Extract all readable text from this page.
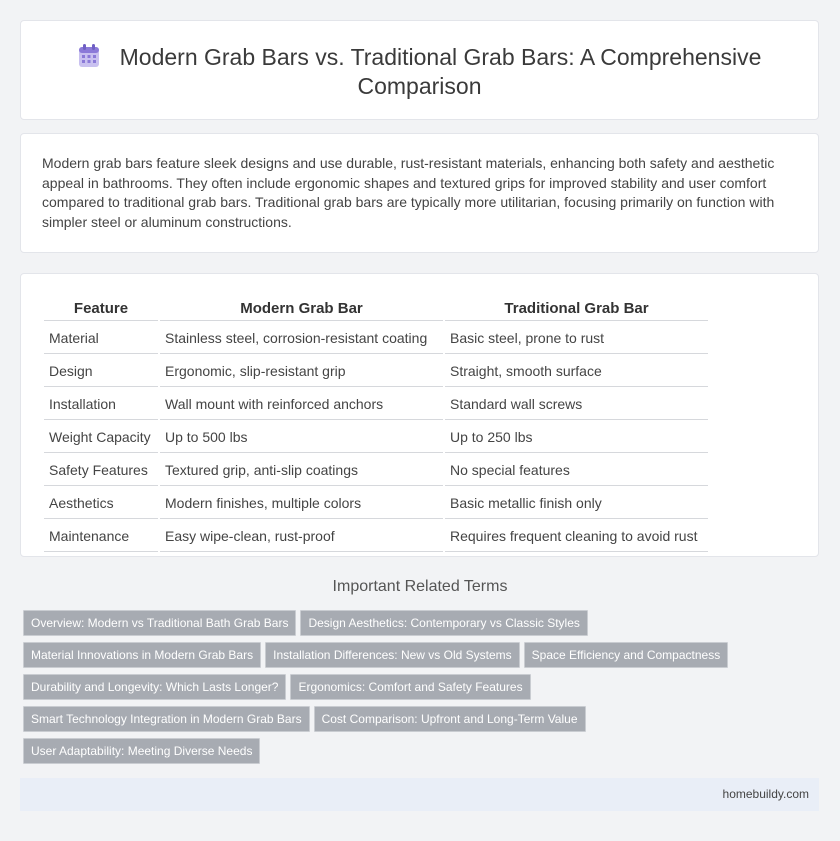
Modern Grab Bars vs. Traditional Grab Bars: A Comprehensive Comparison
Modern grab bars feature sleek designs and use durable, rust-resistant materials, enhancing both safety and aesthetic appeal in bathrooms. They often include ergonomic shapes and textured grips for improved stability and user comfort compared to traditional grab bars. Traditional grab bars are typically more utilitarian, focusing primarily on function with simpler steel or aluminum constructions.
Feature	Modern Grab Bar	Traditional Grab Bar
Material	Stainless steel, corrosion-resistant coating	Basic steel, prone to rust
Design	Ergonomic, slip-resistant grip	Straight, smooth surface
Installation	Wall mount with reinforced anchors	Standard wall screws
Weight Capacity	Up to 500 lbs	Up to 250 lbs
Safety Features	Textured grip, anti-slip coatings	No special features
Aesthetics	Modern finishes, multiple colors	Basic metallic finish only
Maintenance	Easy wipe-clean, rust-proof	Requires frequent cleaning to avoid rust
Important Related Terms
Overview: Modern vs Traditional Bath Grab Bars Design Aesthetics: Contemporary vs Classic Styles
Material Innovations in Modern Grab Bars Installation Differences: New vs Old Systems Space Efficiency and Compactness
Durability and Longevity: Which Lasts Longer? Ergonomics: Comfort and Safety Features
Smart Technology Integration in Modern Grab Bars Cost Comparison: Upfront and Long-Term Value
User Adaptability: Meeting Diverse Needs
homebuildy.com
